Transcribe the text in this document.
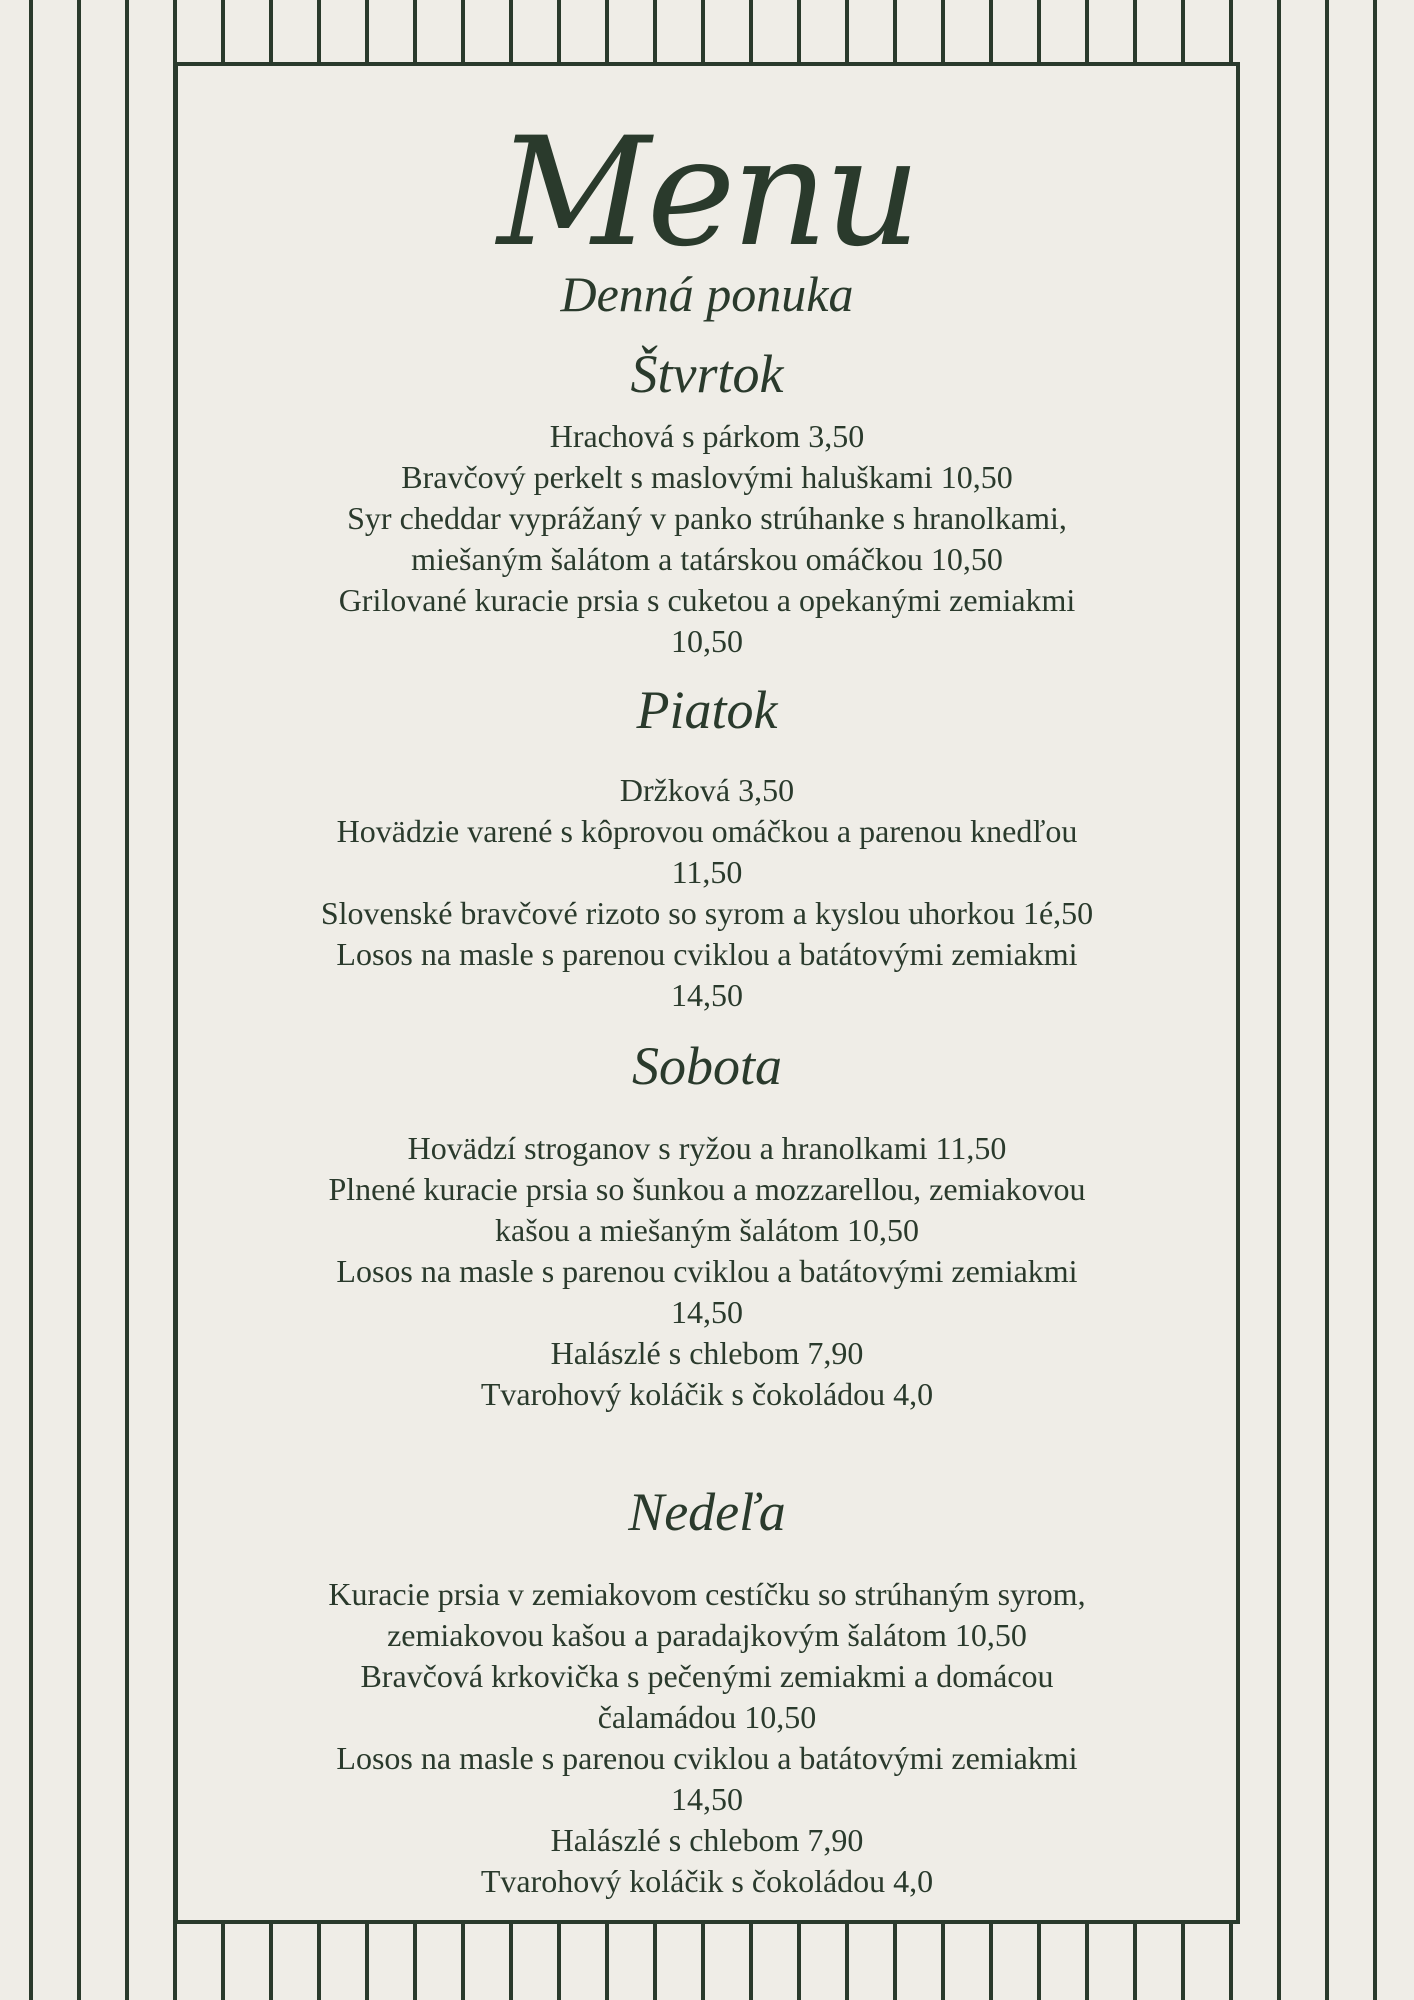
Menu
Denná ponuka
Štvrtok
Hrachová s párkom 3,50
Bravčový perkelt s maslovými haluškami 10,50
Syr cheddar vyprážaný v panko strúhanke s hranolkami,
miešaným šalátom a tatárskou omáčkou 10,50
Grilované kuracie prsia s cuketou a opekanými zemiakmi
10,50
Piatok
Držková 3,50
Hovädzie varené s kôprovou omáčkou a parenou knedľou
11,50
Slovenské bravčové rizoto so syrom a kyslou uhorkou 1é,50
Losos na masle s parenou cviklou a batátovými zemiakmi
14,50
Sobota
Hovädzí stroganov s ryžou a hranolkami 11,50
Plnené kuracie prsia so šunkou a mozzarellou, zemiakovou
kašou a miešaným šalátom 10,50
Losos na masle s parenou cviklou a batátovými zemiakmi
14,50
Halászlé s chlebom 7,90
Tvarohový koláčik s čokoládou 4,0
Nedeľa
Kuracie prsia v zemiakovom cestíčku so strúhaným syrom,
zemiakovou kašou a paradajkovým šalátom 10,50
Bravčová krkovička s pečenými zemiakmi a domácou
čalamádou 10,50
Losos na masle s parenou cviklou a batátovými zemiakmi
14,50
Halászlé s chlebom 7,90
Tvarohový koláčik s čokoládou 4,0
